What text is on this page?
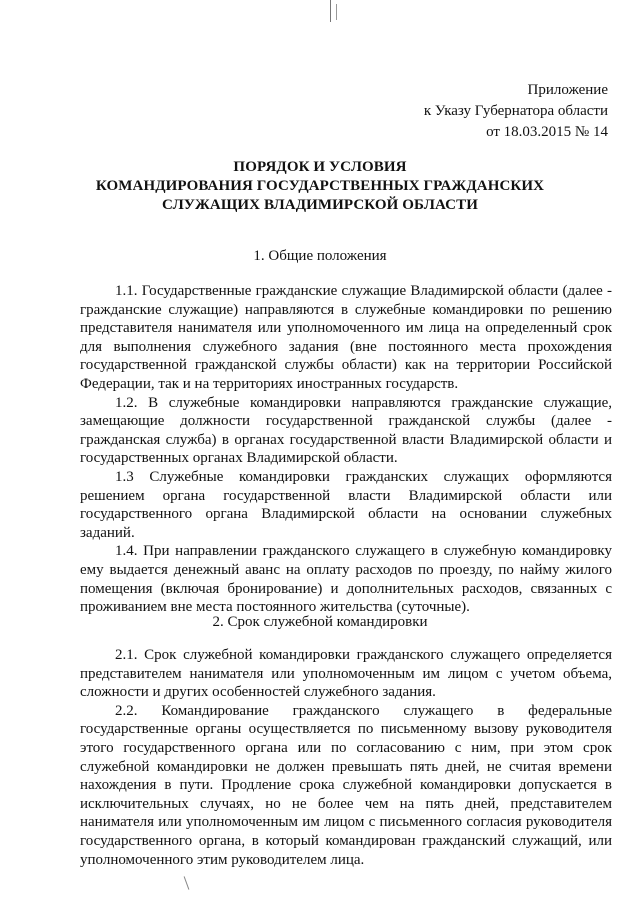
Приложение
к Указу Губернатора области
от 18.03.2015 № 14
ПОРЯДОК И УСЛОВИЯ
КОМАНДИРОВАНИЯ ГОСУДАРСТВЕННЫХ ГРАЖДАНСКИХ
СЛУЖАЩИХ ВЛАДИМИРСКОЙ ОБЛАСТИ
1. Общие положения

1.1. Государственные гражданские служащие Владимирской области (далее - гражданские служащие) направляются в служебные командировки по решению представителя нанимателя или уполномоченного им лица на определенный срок для выполнения служебного задания (вне постоянного места прохождения государственной гражданской службы области) как на территории Российской Федерации, так и на территориях иностранных государств.

1.2. В служебные командировки направляются гражданские служащие, замещающие должности государственной гражданской службы (далее - гражданская служба) в органах государственной власти Владимирской области и государственных органах Владимирской области.

1.3 Служебные командировки гражданских служащих оформляются решением органа государственной власти Владимирской области или государственного органа Владимирской области на основании служебных заданий.

1.4. При направлении гражданского служащего в служебную командировку ему выдается денежный аванс на оплату расходов по проезду, по найму жилого помещения (включая бронирование) и дополнительных расходов, связанных с проживанием вне места постоянного жительства (суточные).

2. Срок служебной командировки

2.1. Срок служебной командировки гражданского служащего определяется представителем нанимателя или уполномоченным им лицом с учетом объема, сложности и других особенностей служебного задания.

2.2. Командирование гражданского служащего в федеральные государственные органы осуществляется по письменному вызову руководителя этого государственного органа или по согласованию с ним, при этом срок служебной командировки не должен превышать пять дней, не считая времени нахождения в пути. Продление срока служебной командировки допускается в исключительных случаях, но не более чем на пять дней, представителем нанимателя или уполномоченным им лицом с письменного согласия руководителя государственного органа, в который командирован гражданский служащий, или уполномоченного этим руководителем лица.
